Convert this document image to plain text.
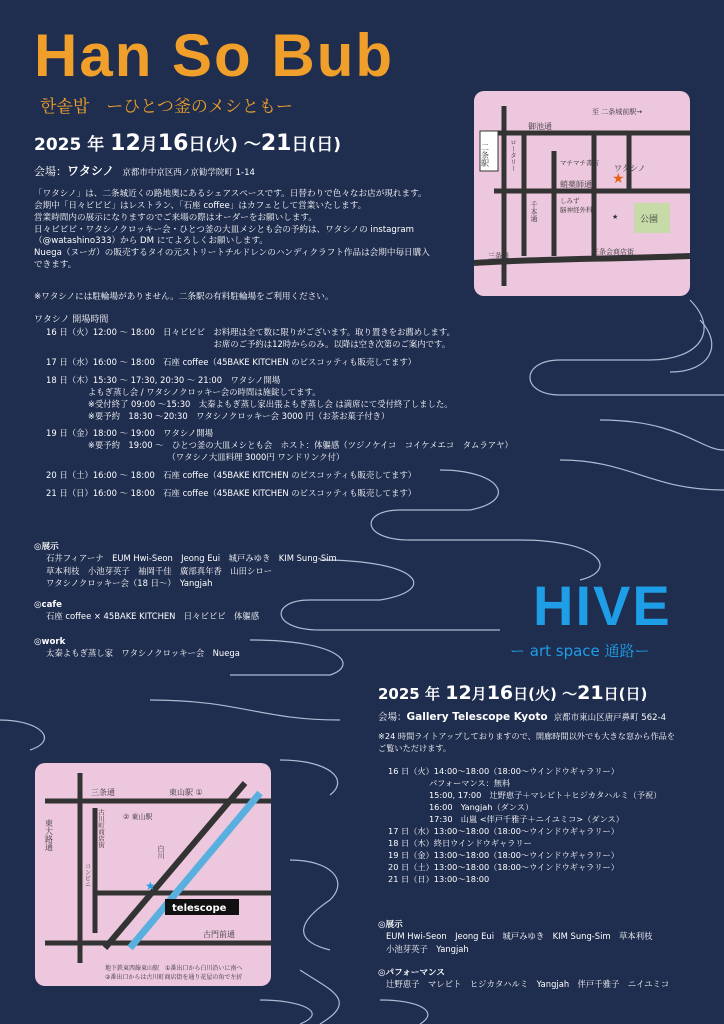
Han So Bub
한솥밥　ーひとつ釜のメシともー
2025 年 12月16日(火) ～21日(日)
会場：ワタシノ 京都市中京区西ノ京勧学院町 1-14

「ワタシノ」は、二条城近くの路地奥にあるシェアスペースです。日替わりで色々なお店が現れます。

会期中「日々ビビビ」はレストラン、「石座 coffee」はカフェとして営業いたします。

営業時間内の展示になりますのでご来場の際はオーダーをお願いします。

日々ビビビ・ワタシノクロッキー会・ひとつ釜の大皿メシとも会の予約は、ワタシノの instagram

（@watashino333）から DM にてよろしくお願いします。

Nuega（ヌーガ）の販売するタイの元ストリートチルドレンのハンディクラフト作品は会期中毎日購入

できます。

※ワタシノには駐輪場がありません。二条駅の有料駐輪場をご利用ください。
ワタシノ 開場時間
16 日（火）12:00 ～ 18:00　日々ビビビ　お料理は全て数に限りがございます。取り置きをお薦めします。
　　　　　　　　　　　　　　　　　　　　お席のご予約は12時からのみ。以降は空き次第のご案内です。
17 日（水）16:00 ～ 18:00　石座 coffee（45BAKE KITCHEN のビスコッティも販売してます）
18 日（木）15:30 ～ 17:30, 20:30 ～ 21:00　ワタシノ開場
　　　　　よもぎ蒸し会 / ワタシノクロッキー会の時間は施錠してます。
　　　　　※受付終了 09:00 ～15:30　太秦よもぎ蒸し家出張よもぎ蒸し会 は満席にて受付終了しました。
　　　　　※要予約　18:30 ～20:30　ワタシノクロッキー会 3000 円（お茶お菓子付き）
19 日（金）18:00 ～ 19:00　ワタシノ開場
　　　　　※要予約　19:00 ～　ひとつ釜の大皿メシとも会　ホスト：体軀感（ツジノケイコ　コイケメエコ　タムラアヤ）
　　　　　　　　　　　　　　　（ワタシノ大皿料理 3000円 ワンドリンク付）
20 日（土）16:00 ～ 18:00　石座 coffee（45BAKE KITCHEN のビスコッティも販売してます）
21 日（日）16:00 ～ 18:00　石座 coffee（45BAKE KITCHEN のビスコッティも販売してます）
◎展示
石井フィアーナ　EUM Hwi-Seon　Jeong Eui　城戸みゆき　KIM Sung-Sim
草本利枝　小池芽英子　袖岡千佳　廣部真年香　山田シロー
ワタシノクロッキー会（18 日～）　Yangjah
◎cafe
石座 coffee × 45BAKE KITCHEN　日々ビビビ　体軀感
◎work
太秦よもぎ蒸し家　ワタシノクロッキー会　Nuega
★
★
至 二条城前駅→
御池通
二条駅	ロータリー	マチマチ書店
ワタシノ
蛸薬師通
しみず
脳神経外科
千本通	公園
三条通	三条会商店街
HIVE
ー art space 通路ー
2025 年 12月16日(火) ～21日(日)
会場：Gallery Telescope Kyoto 京都市東山区唐戸鼻町 562-4
※24 時間ライトアップしておりますので、開廊時間以外でも大きな窓から作品を
ご覧いただけます。
16 日（火）14:00～18:00（18:00～ウインドウギャラリー）
　　　　　パフォーマンス：無料
　　　　　15:00, 17:00　辻野恵子＋マレビト＋ヒジカタハルミ（予祝）
　　　　　16:00　Yangjah（ダンス）
　　　　　17:30　山嵐 <伴戸千雅子＋ニイユミコ>（ダンス）
17 日（水）13:00～18:00（18:00～ウインドウギャラリー）
18 日（木）終日ウインドウギャラリー
19 日（金）13:00～18:00（18:00～ウインドウギャラリー）
20 日（土）13:00～18:00（18:00～ウインドウギャラリー）
21 日（日）13:00～18:00
◎展示
EUM Hwi-Seon　Jeong Eui　城戸みゆき　KIM Sung-Sim　草本利枝
小池芽英子　Yangjah
◎パフォーマンス
辻野恵子　マレビト　ヒジカタハルミ　Yangjah　伴戸千雅子　ニイユミコ
★
telescope
三条通	東山駅 ①
東大路通
② 東山駅
古川町商店街
コンビニ
白川
古門前通
地下鉄東西線東山駅　①番出口から白川沿いに南へ
②番出口からは古川町商店街を通り花屋の角で左折
